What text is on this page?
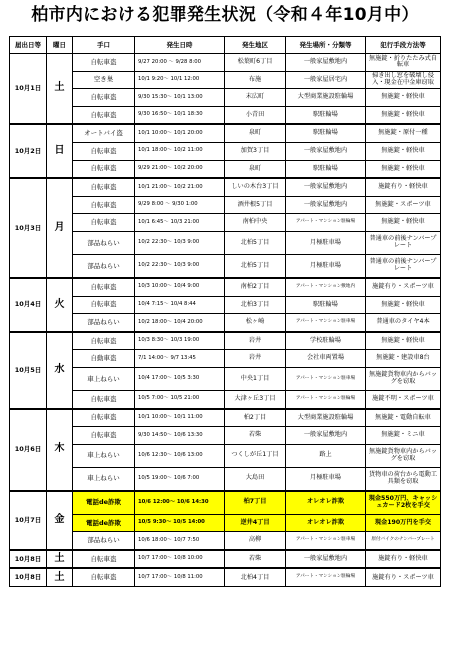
柏市内における犯罪発生状況（令和４年10月中）
届出日等	曜日	手口	発生日時	発生地区	発生場所・分類等	犯行手段方法等
10月1日	土	自転車盗	9/27 20:00 ～ 9/28 8:00	松葉町6丁目	一般家屋敷地内	無施錠・折りたたみ式自転車
		空き巣	10/1 9:20～ 10/1 12:00	布施	一般家屋居宅内	掃き出し窓を破壊し侵入・現金在中金庫窃取
		自転車盗	9/30 15:30～ 10/1 13:00	末広町	大型商業施設駐輪場	無施錠・軽快車
		自転車盗	9/30 16:50～ 10/1 18:30	小青田	駅駐輪場	無施錠・軽快車
10月2日	日	オートバイ盗	10/1 10:00～ 10/1 20:00	泉町	駅駐輪場	無施錠・原付一種
		自転車盗	10/1 18:00～ 10/2 11:00	加賀3丁目	一般家屋敷地内	無施錠・軽快車
		自転車盗	9/29 21:00～ 10/2 20:00	泉町	駅駐輪場	無施錠・軽快車
10月3日	月	自転車盗	10/1 21:00～ 10/2 21:00	しいの木台3丁目	一般家屋敷地内	施錠有り・軽快車
		自転車盗	9/29 8:00 ～ 9/30 1:00	酒井根5丁目	一般家屋敷地内	無施錠・スポーツ車
		自転車盗	10/1 6:45～ 10/3 21:00	南柏中央	アパート・マンション駐輪場	無施錠・軽快車
		部品ねらい	10/2 22:30～ 10/3 9:00	北柏5丁目	月極駐車場	普通車の前後ナンバープレート
		部品ねらい	10/2 22:30～ 10/3 9:00	北柏5丁目	月極駐車場	普通車の前後ナンバープレート
10月4日	火	自転車盗	10/3 10:00～ 10/4 9:00	南柏2丁目	アパート・マンション敷地内	施錠有り・スポーツ車
		自転車盗	10/4 7:15～ 10/4 8:44	北柏3丁目	駅駐輪場	無施錠・軽快車
		部品ねらい	10/2 18:00～ 10/4 20:00	松ヶ崎	アパート・マンション駐車場	普通車のタイヤ4本
10月5日	水	自転車盗	10/3 8:30～ 10/3 19:00	岩井	学校駐輪場	無施錠・軽快車
		自動車盗	7/1 14:00～ 9/7 13:45	岩井	会社車両置場	無施錠・建設車8台
		車上ねらい	10/4 17:00～ 10/5 3:30	中央1丁目	アパート・マンション駐車場	無施錠貨物車内からバッグを窃取
		自転車盗	10/5 7:00～ 10/5 21:00	大津ヶ丘3丁目	アパート・マンション駐輪場	施錠不明・スポーツ車
10月6日	木	自転車盗	10/1 10:00～ 10/1 11:00	柏2丁目	大型商業施設駐輪場	無施錠・電動自転車
		自転車盗	9/30 14:50～ 10/6 13:30	若柴	一般家屋敷地内	無施錠・ミニ車
		車上ねらい	10/6 12:30～ 10/6 13:00	つくしが丘1丁目	路上	無施錠貨物車内からバッグを窃取
		車上ねらい	10/5 19:00～ 10/6 7:00	大島田	月極駐車場	貨物車の荷台から電動工具類を窃取
10月7日	金	電話de詐欺	10/6 12:00～ 10/6 14:30	柏7丁目	オレオレ詐欺	現金550万円、キャッシュカード2枚を手交
		電話de詐欺	10/5 9:30～ 10/5 14:00	逆井4丁目	オレオレ詐欺	現金190万円を手交
		部品ねらい	10/6 18:00～ 10/7 7:50	高柳	アパート・マンション駐車場	原付バイクのナンバープレート
10月8日	土	自転車盗	10/7 17:00～ 10/8 10:00	若柴	一般家屋敷地内	施錠有り・軽快車
10月8日	土	自転車盗	10/7 17:00～ 10/8 11:00	北柏4丁目	アパート・マンション駐輪場	施錠有り・スポーツ車
